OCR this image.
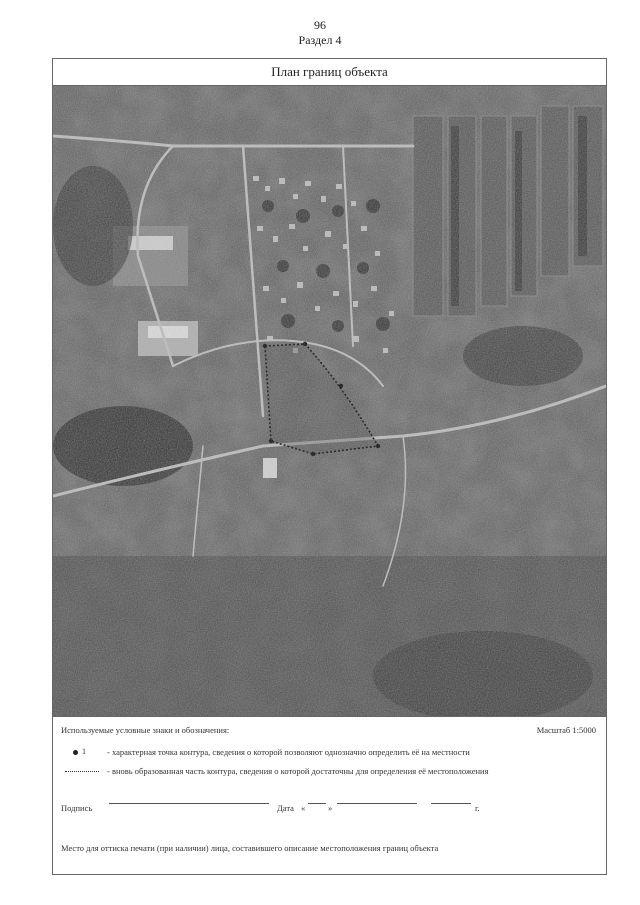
96
Раздел 4
План границ объекта
Используемые условные знаки и обозначения:	Масштаб 1:5000
1 - характерная точка контура, сведения о которой позволяют однозначно определить её на местности
- вновь образованная часть контура, сведения о которой достаточны для определения её местоположения
Подпись	Дата «	»	г.
Место для оттиска печати (при наличии) лица, составившего описание местоположения границ объекта
